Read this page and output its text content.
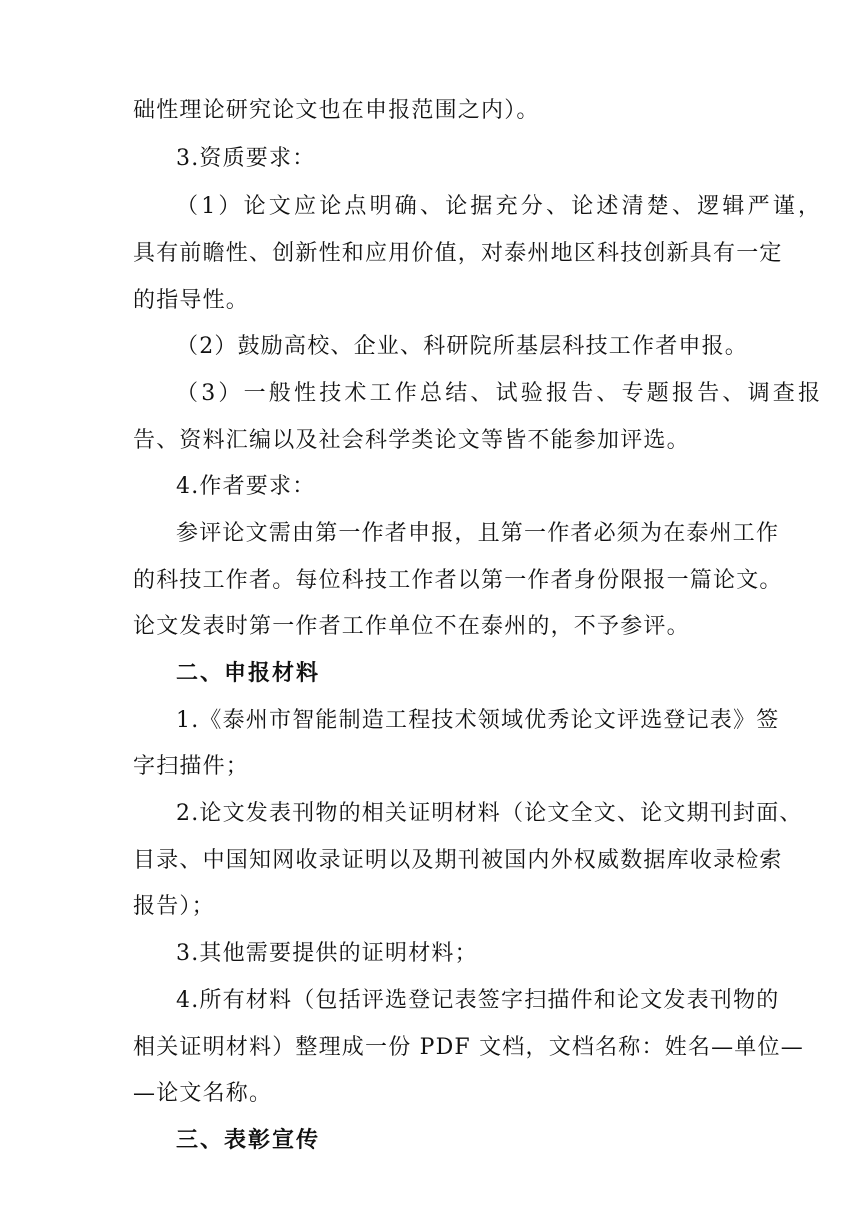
础性理论研究论文也在申报范围之内）。
3.资质要求：
（1）论文应论点明确、论据充分、论述清楚、逻辑严谨，
具有前瞻性、创新性和应用价值，对泰州地区科技创新具有一定
的指导性。
（2）鼓励高校、企业、科研院所基层科技工作者申报。
（3）一般性技术工作总结、试验报告、专题报告、调查报
告、资料汇编以及社会科学类论文等皆不能参加评选。
4.作者要求：
参评论文需由第一作者申报，且第一作者必须为在泰州工作
的科技工作者。每位科技工作者以第一作者身份限报一篇论文。
论文发表时第一作者工作单位不在泰州的，不予参评。
二、申报材料
1.《泰州市智能制造工程技术领域优秀论文评选登记表》签
字扫描件；
2.论文发表刊物的相关证明材料（论文全文、论文期刊封面、
目录、中国知网收录证明以及期刊被国内外权威数据库收录检索
报告）；
3.其他需要提供的证明材料；
4.所有材料（包括评选登记表签字扫描件和论文发表刊物的
相关证明材料）整理成一份 PDF 文档，文档名称：姓名—单位—
—论文名称。
三、表彰宣传
